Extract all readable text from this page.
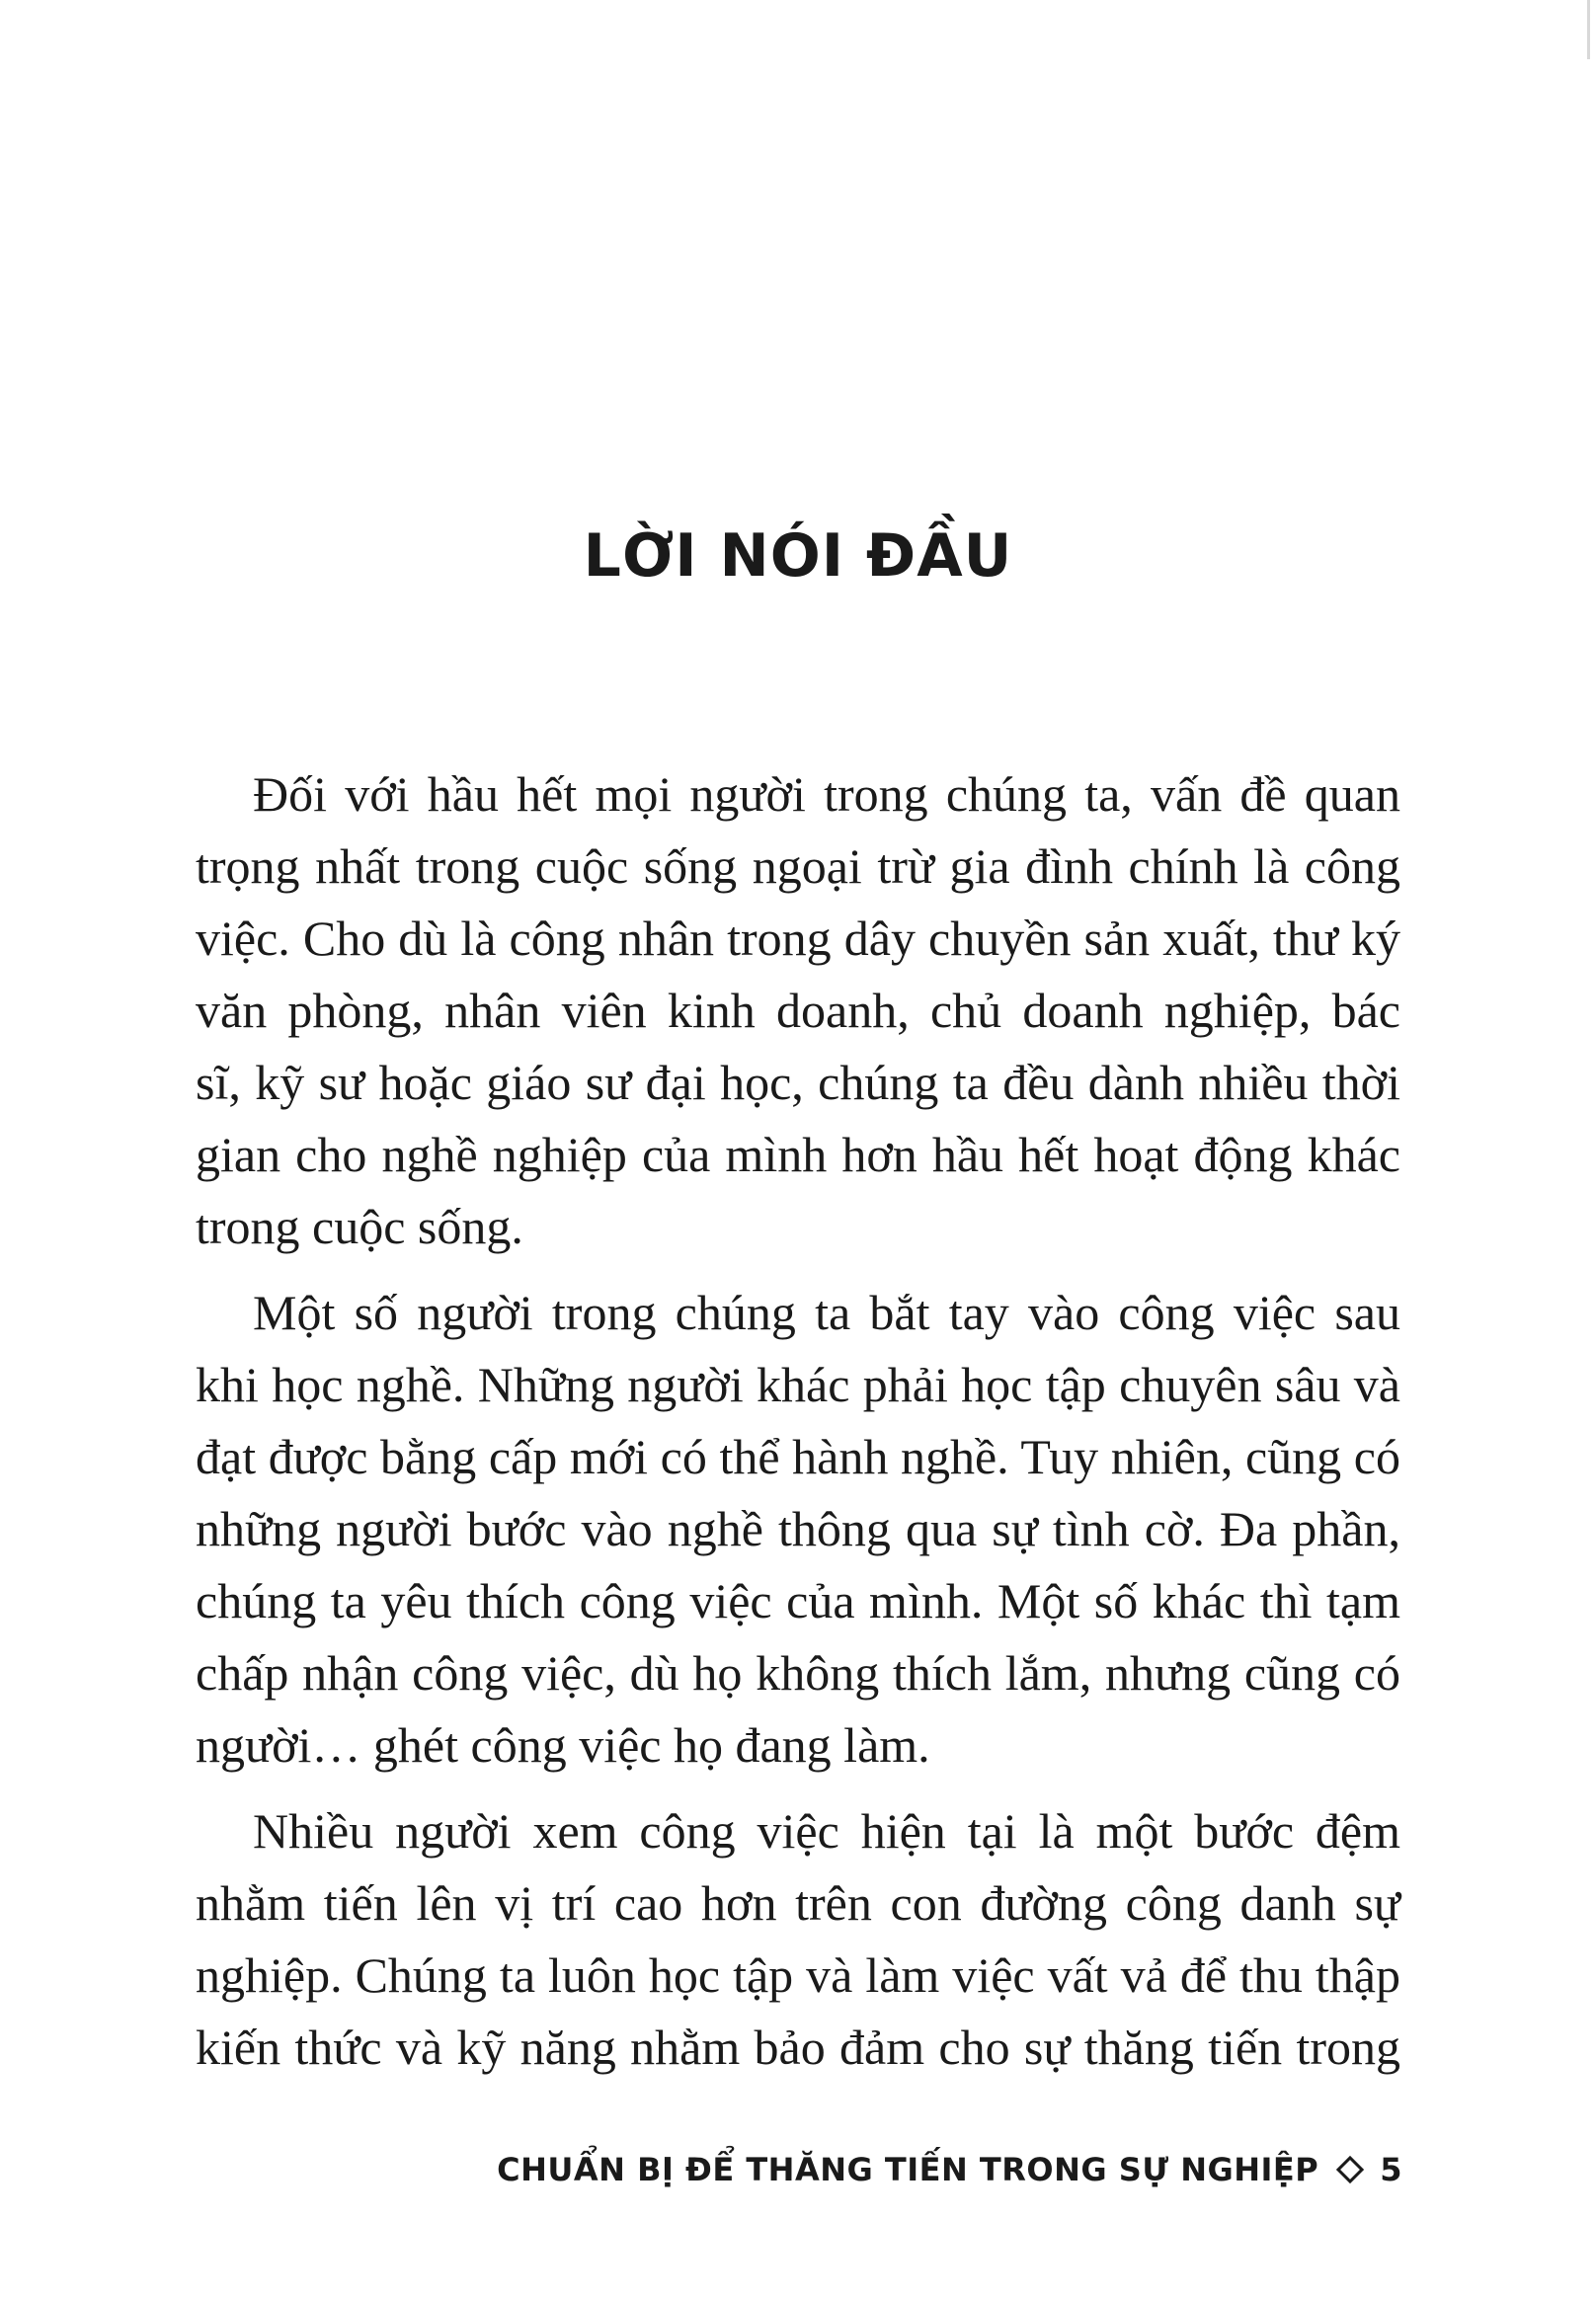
LỜI NÓI ĐẦU
Đối với hầu hết mọi người trong chúng ta, vấn đề quan
trọng nhất trong cuộc sống ngoại trừ gia đình chính là công
việc. Cho dù là công nhân trong dây chuyền sản xuất, thư ký
văn phòng, nhân viên kinh doanh, chủ doanh nghiệp, bác
sĩ, kỹ sư hoặc giáo sư đại học, chúng ta đều dành nhiều thời
gian cho nghề nghiệp của mình hơn hầu hết hoạt động khác
trong cuộc sống.
Một số người trong chúng ta bắt tay vào công việc sau
khi học nghề. Những người khác phải học tập chuyên sâu và
đạt được bằng cấp mới có thể hành nghề. Tuy nhiên, cũng có
những người bước vào nghề thông qua sự tình cờ. Đa phần,
chúng ta yêu thích công việc của mình. Một số khác thì tạm
chấp nhận công việc, dù họ không thích lắm, nhưng cũng có
người… ghét công việc họ đang làm.
Nhiều người xem công việc hiện tại là một bước đệm
nhằm tiến lên vị trí cao hơn trên con đường công danh sự
nghiệp. Chúng ta luôn học tập và làm việc vất vả để thu thập
kiến thức và kỹ năng nhằm bảo đảm cho sự thăng tiến trong
CHUẨN BỊ ĐỂ THĂNG TIẾN TRONG SỰ NGHIỆP 5
